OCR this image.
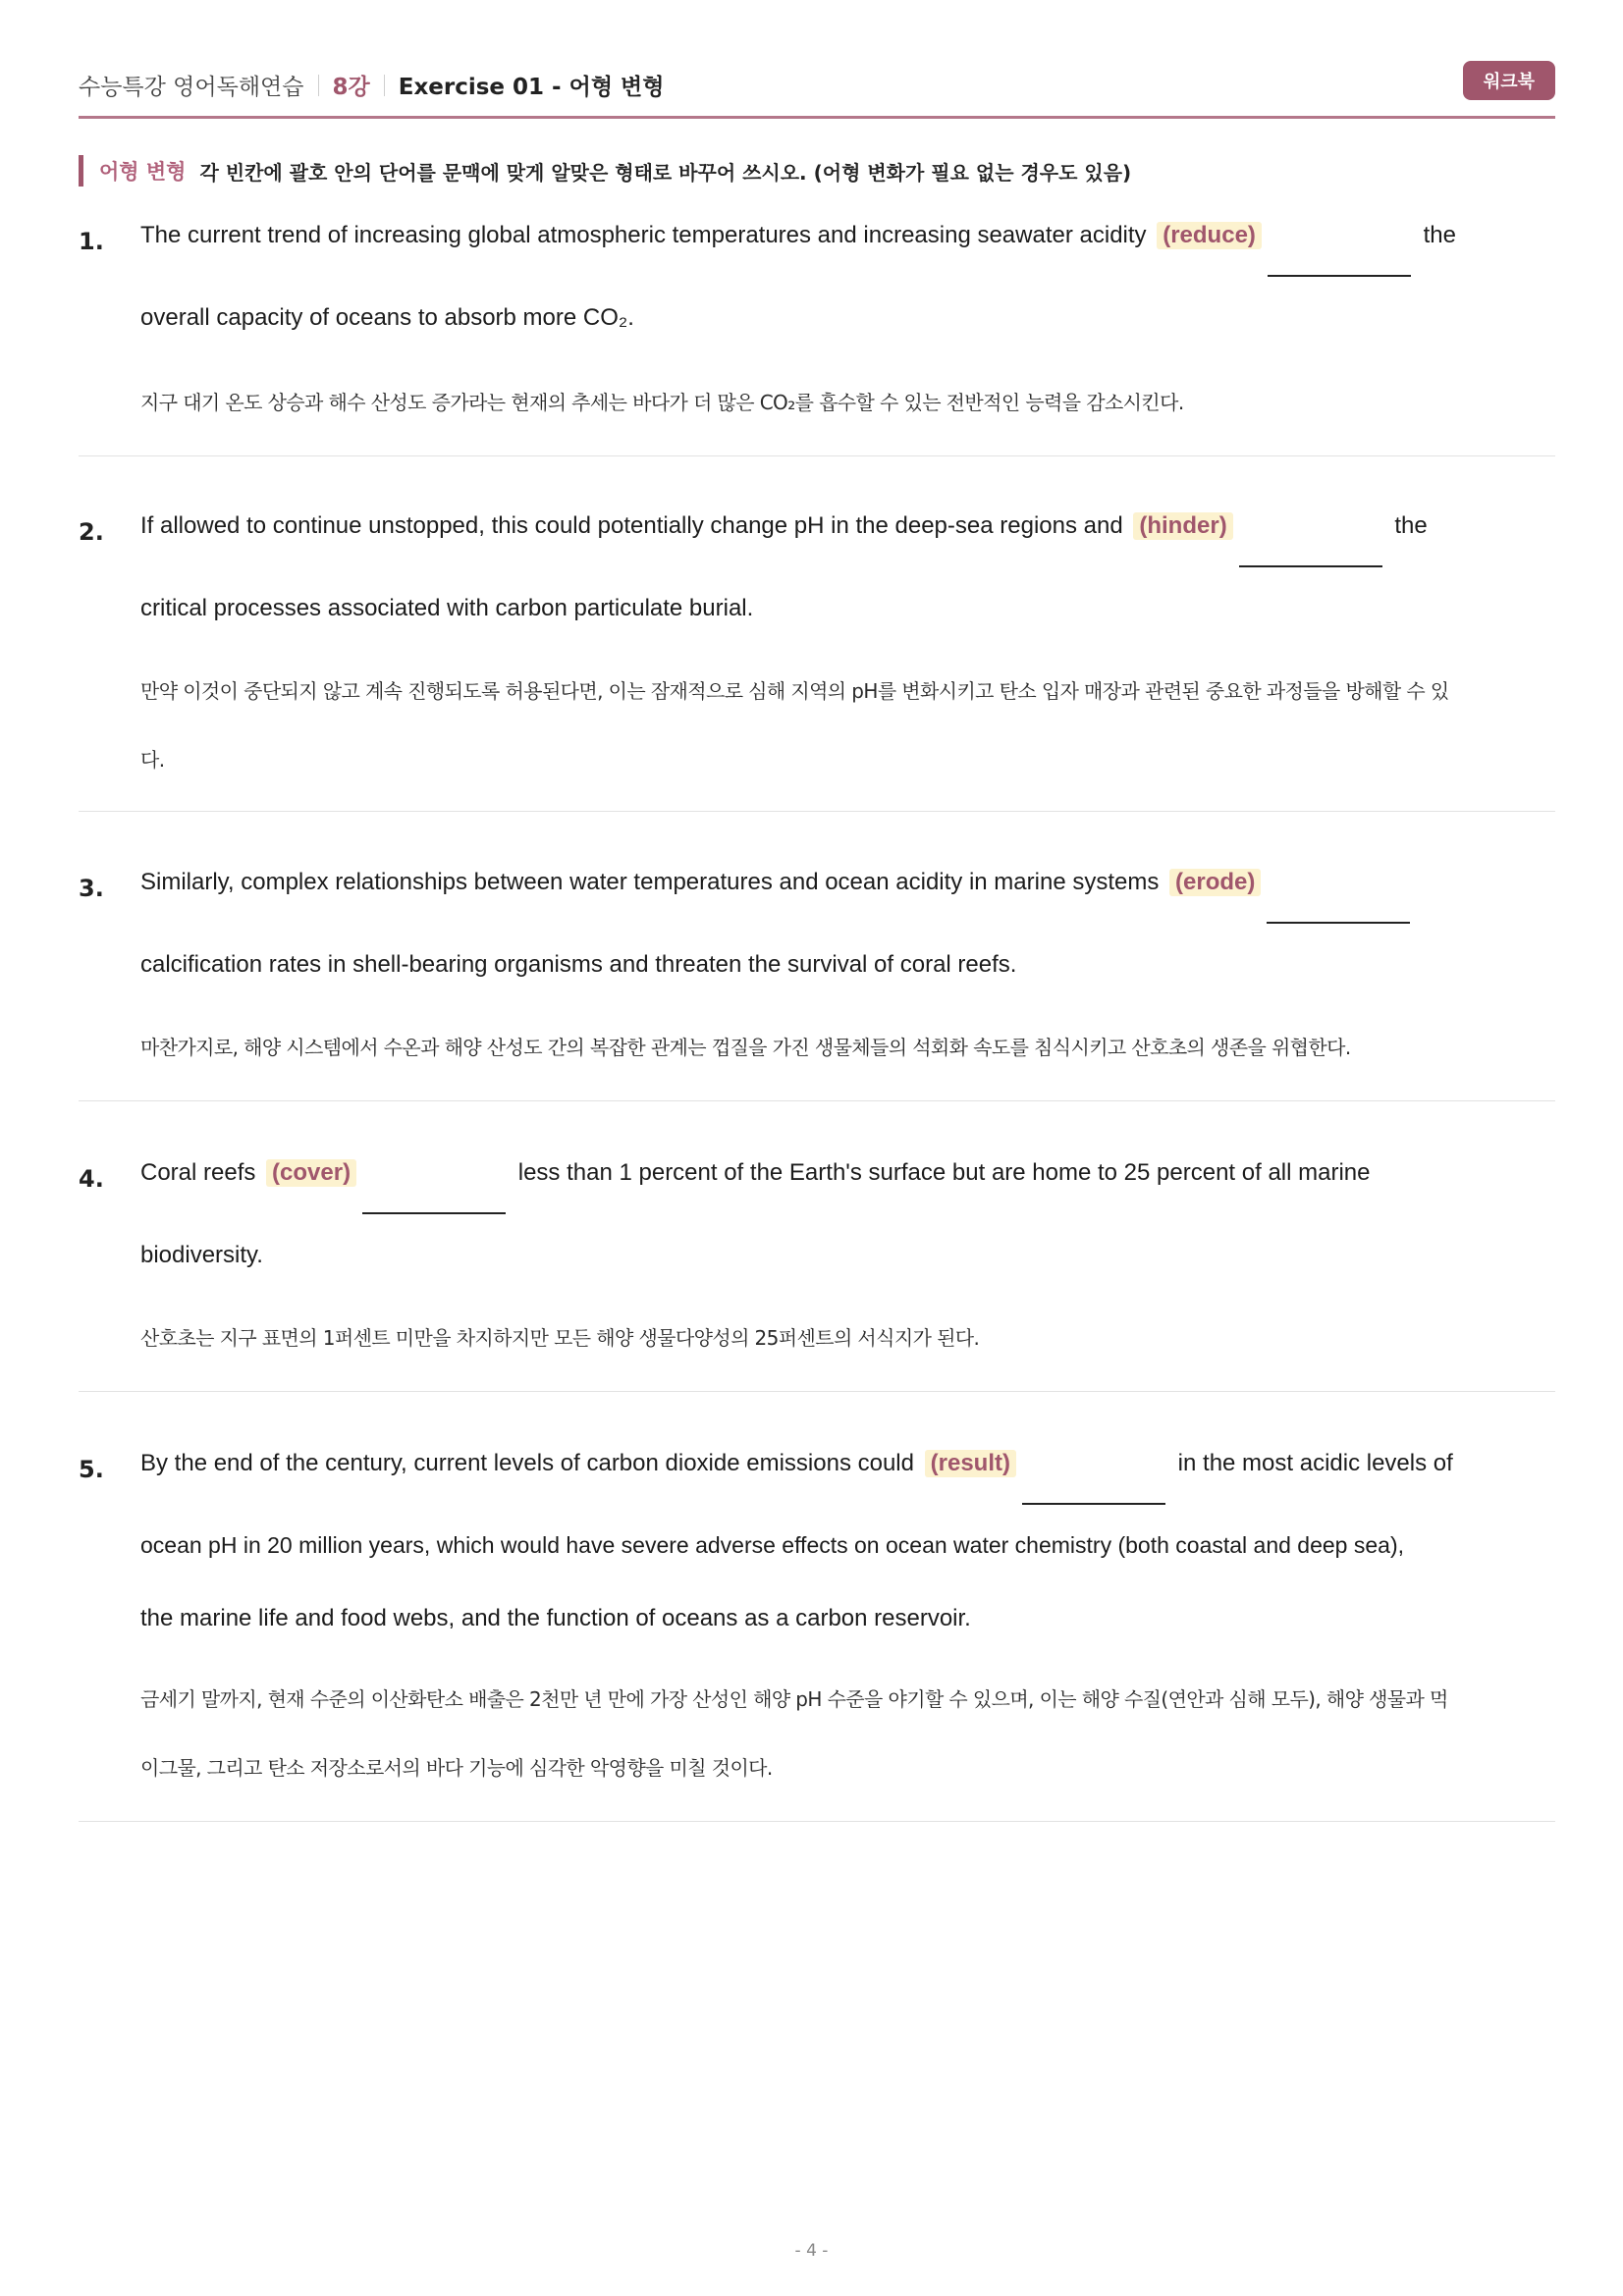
수능특강 영어독해연습 8강 Exercise 01 - 어형 변형	워크북
어형 변형 각 빈칸에 괄호 안의 단어를 문맥에 맞게 알맞은 형태로 바꾸어 쓰시오. (어형 변화가 필요 없는 경우도 있음)
1. The current trend of increasing global atmospheric temperatures and increasing seawater acidity (reduce)	the
overall capacity of oceans to absorb more CO₂.
지구 대기 온도 상승과 해수 산성도 증가라는 현재의 추세는 바다가 더 많은 CO₂를 흡수할 수 있는 전반적인 능력을 감소시킨다.
2. If allowed to continue unstopped, this could potentially change pH in the deep-sea regions and (hinder)	the
critical processes associated with carbon particulate burial.
만약 이것이 중단되지 않고 계속 진행되도록 허용된다면, 이는 잠재적으로 심해 지역의 pH를 변화시키고 탄소 입자 매장과 관련된 중요한 과정들을 방해할 수 있
다.
3. Similarly, complex relationships between water temperatures and ocean acidity in marine systems (erode)
calcification rates in shell-bearing organisms and threaten the survival of coral reefs.
마찬가지로, 해양 시스템에서 수온과 해양 산성도 간의 복잡한 관계는 껍질을 가진 생물체들의 석회화 속도를 침식시키고 산호초의 생존을 위협한다.
4. Coral reefs (cover)	less than 1 percent of the Earth's surface but are home to 25 percent of all marine
biodiversity.
산호초는 지구 표면의 1퍼센트 미만을 차지하지만 모든 해양 생물다양성의 25퍼센트의 서식지가 된다.
5. By the end of the century, current levels of carbon dioxide emissions could (result)	in the most acidic levels of
ocean pH in 20 million years, which would have severe adverse effects on ocean water chemistry (both coastal and deep sea),
the marine life and food webs, and the function of oceans as a carbon reservoir.
금세기 말까지, 현재 수준의 이산화탄소 배출은 2천만 년 만에 가장 산성인 해양 pH 수준을 야기할 수 있으며, 이는 해양 수질(연안과 심해 모두), 해양 생물과 먹
이그물, 그리고 탄소 저장소로서의 바다 기능에 심각한 악영향을 미칠 것이다.
- 4 -
